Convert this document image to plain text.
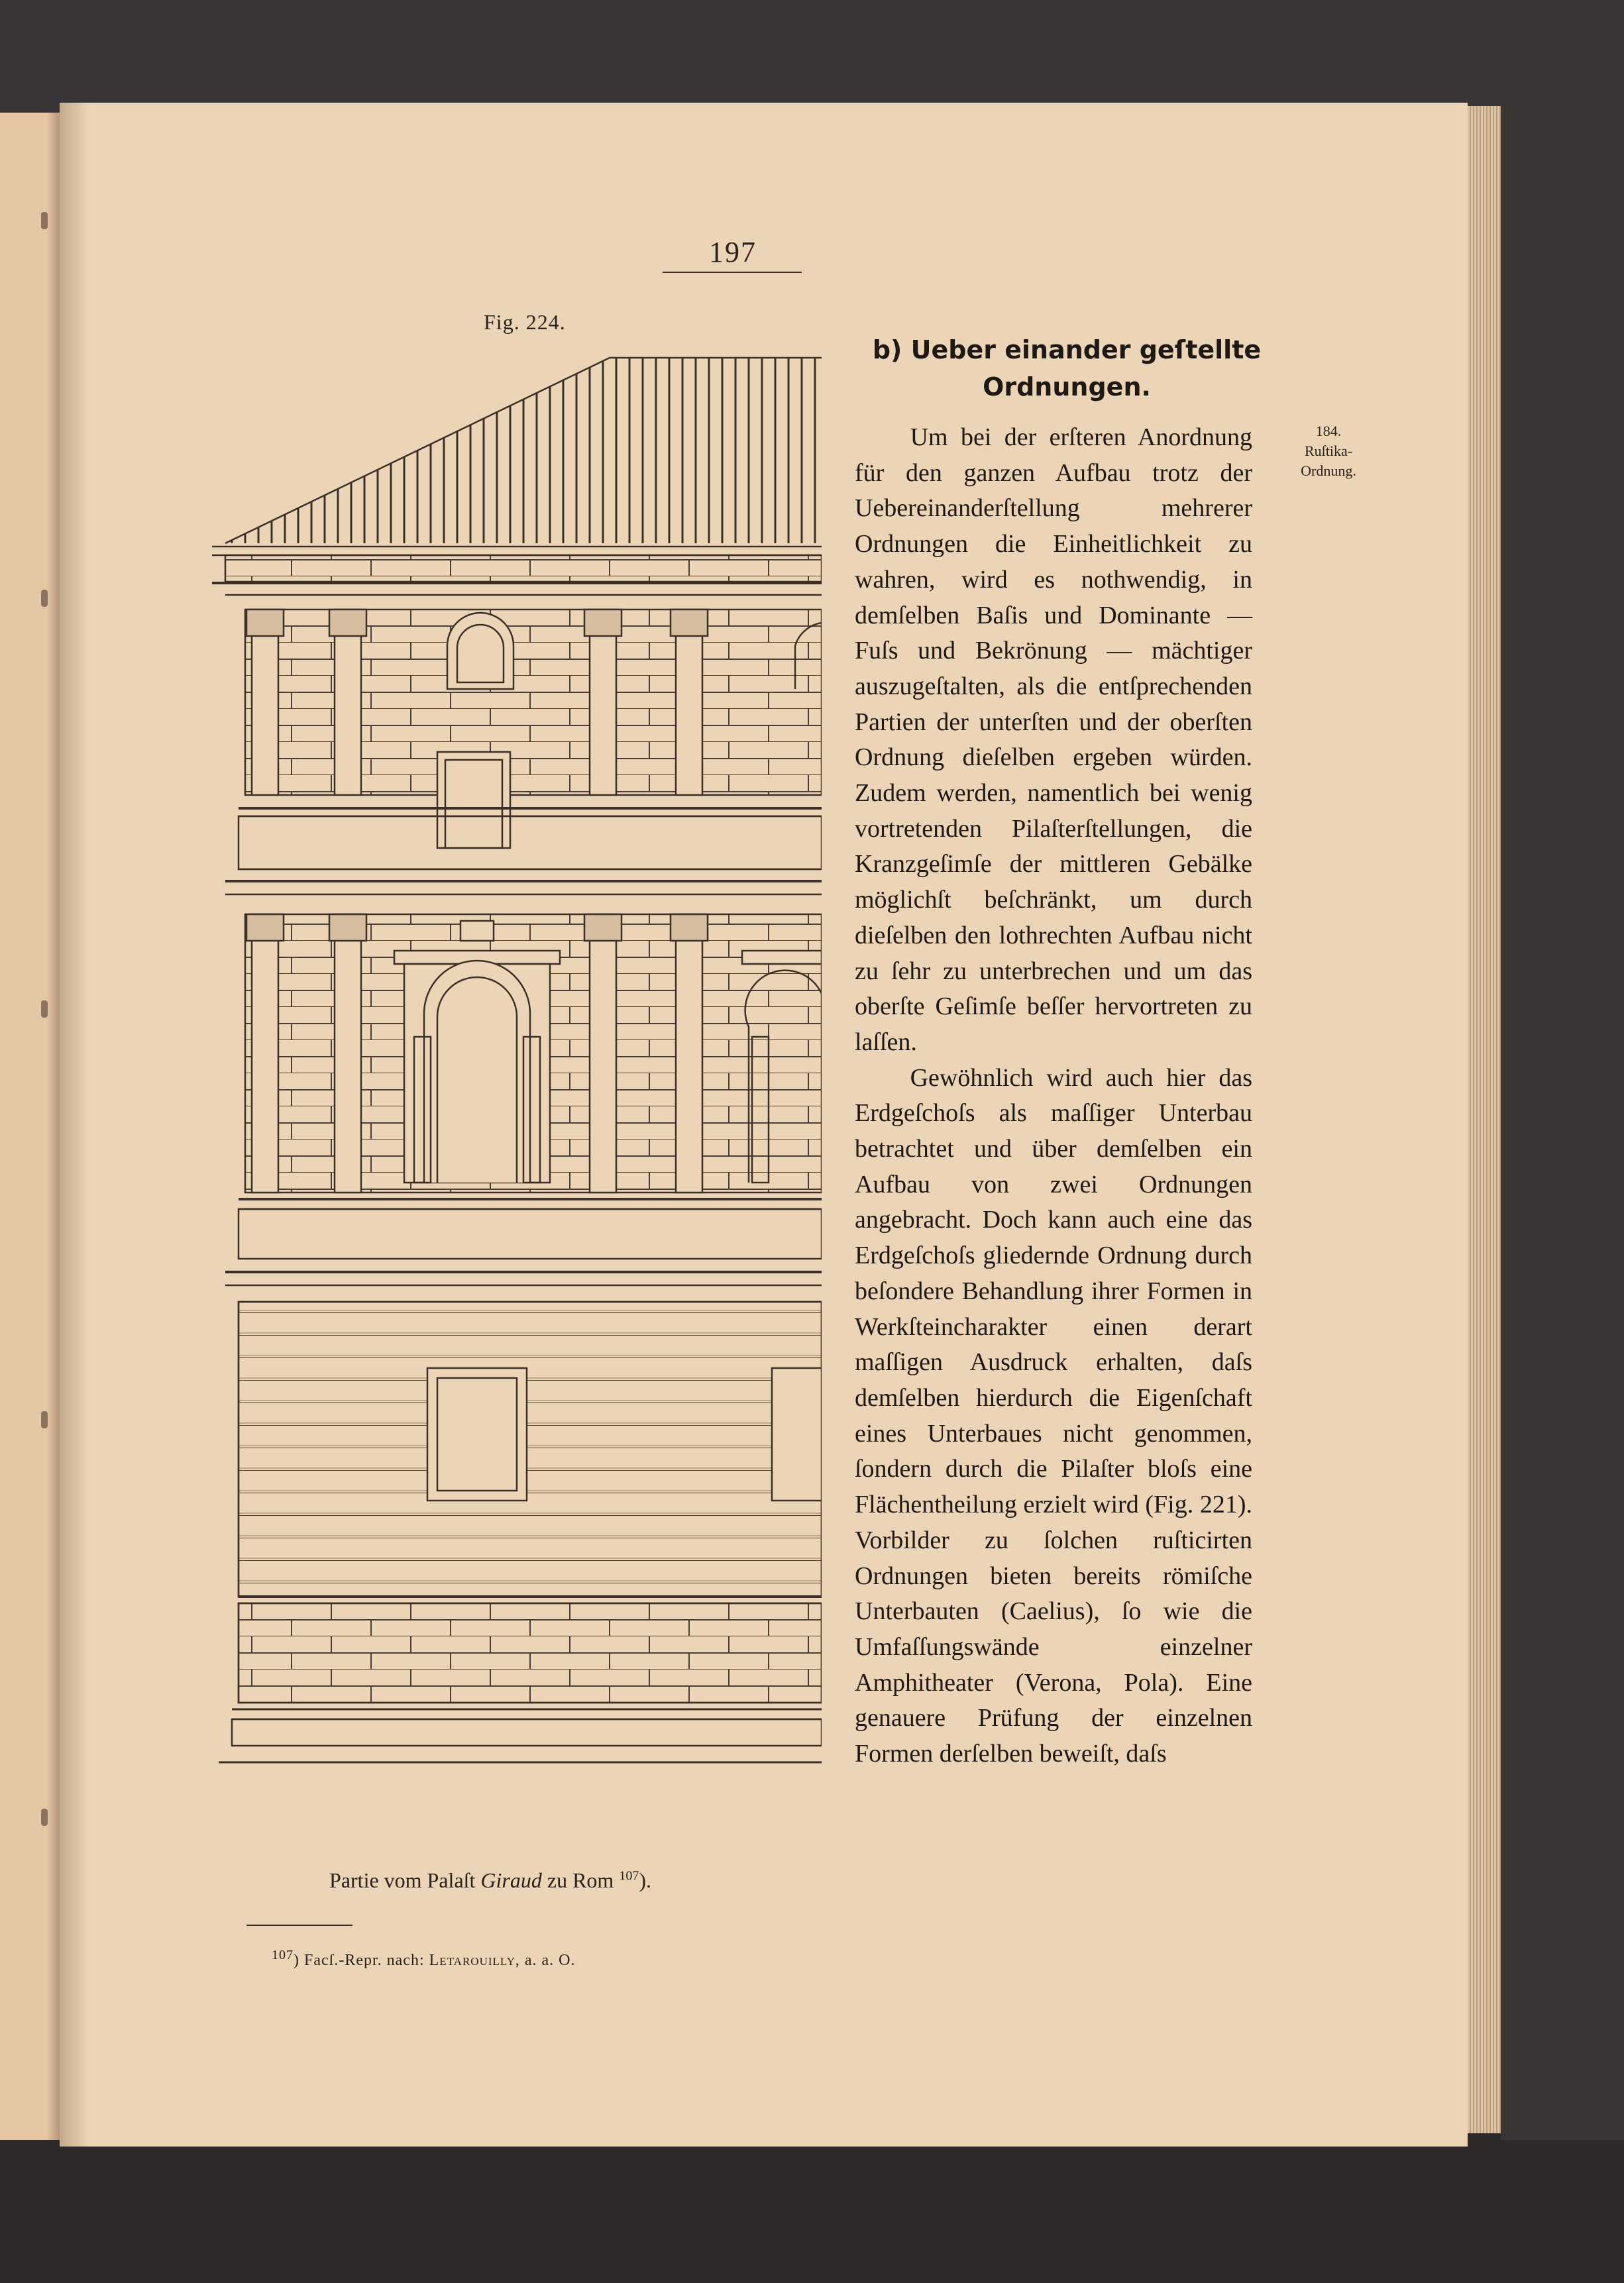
197
Fig. 224.
b) Ueber einander geſtellte
Ordnungen.
184.
Ruſtika-
Ordnung.

Um bei der erſteren Anordnung für den ganzen Aufbau trotz der Uebereinanderſtellung mehrerer Ordnungen die Einheitlichkeit zu wahren, wird es nothwendig, in demſelben Baſis und Dominante — Fuſs und Bekrönung — mächtiger auszugeſtalten, als die entſprechenden Partien der unterſten und der oberſten Ordnung dieſelben ergeben würden. Zudem werden, namentlich bei wenig vortretenden Pilaſterſtellungen, die Kranzgeſimſe der mittleren Gebälke möglichſt beſchränkt, um durch dieſelben den lothrechten Aufbau nicht zu ſehr zu unterbrechen und um das oberſte Geſimſe beſſer hervortreten zu laſſen.

Gewöhnlich wird auch hier das Erdgeſchoſs als maſſiger Unterbau betrachtet und über demſelben ein Aufbau von zwei Ordnungen angebracht. Doch kann auch eine das Erdgeſchoſs gliedernde Ordnung durch beſondere Behandlung ihrer Formen in Werkſteincharakter einen derart maſſigen Ausdruck erhalten, daſs demſelben hierdurch die Eigenſchaft eines Unterbaues nicht genommen, ſondern durch die Pilaſter bloſs eine Flächentheilung erzielt wird (Fig. 221). Vorbilder zu ſolchen ruſticirten Ordnungen bieten bereits römiſche Unterbauten (Caelius), ſo wie die Umfaſſungswände einzelner Amphitheater (Verona, Pola). Eine genauere Prüfung der einzelnen Formen derſelben beweiſt, daſs

Partie vom Palaſt Giraud zu Rom $^{107}$).
$^{107}$) Facſ.-Repr. nach: Letarouilly, a. a. O.
